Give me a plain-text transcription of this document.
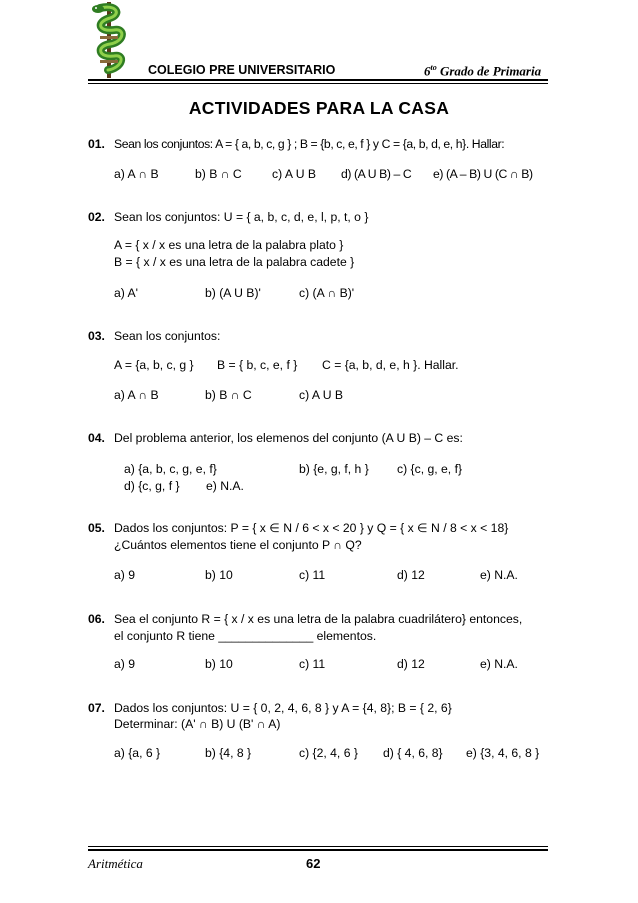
COLEGIO PRE UNIVERSITARIO	$6^{to}$ Grado de Primaria
ACTIVIDADES PARA LA CASA
01. Sean los conjuntos: A = { a, b, c, g } ; B = {b, c, e, f } y C = {a, b, d, e, h}. Hallar:
a) A ∩ B	b) B ∩ C c) A U B d) (A U B) – C e) (A – B) U (C ∩ B)
02. Sean los conjuntos: U = { a, b, c, d, e, l, p, t, o }
A = { x / x es una letra de la palabra plato }
B = { x / x es una letra de la palabra cadete }
a) A'	b) (A U B)'	c) (A ∩ B)'
03. Sean los conjuntos:
A = {a, b, c, g } B = { b, c, e, f } C = {a, b, d, e, h }. Hallar.
a) A ∩ B	b) B ∩ C	c) A U B
04. Del problema anterior, los elemenos del conjunto (A U B) – C es:
a) {a, b, c, g, e, f}	b) {e, g, f, h } c) {c, g, e, f}
d) {c, g, f } e) N.A.
05. Dados los conjuntos: P = { x ∈ N / 6 < x < 20 } y Q = { x ∈ N / 8 < x < 18}
¿Cuántos elementos tiene el conjunto P ∩ Q?
a) 9	b) 10	c) 11	d) 12	e) N.A.
06. Sea el conjunto R = { x / x es una letra de la palabra cuadrilátero} entonces,
el conjunto R tiene ______________ elementos.
a) 9	b) 10	c) 11	d) 12	e) N.A.
07. Dados los conjuntos: U = { 0, 2, 4, 6, 8 } y A = {4, 8}; B = { 2, 6}
Determinar: (A' ∩ B) U (B' ∩ A)
a) {a, 6 }	b) {4, 8 }	c) {2, 4, 6 } d) { 4, 6, 8} e) {3, 4, 6, 8 }
Aritmética	62
